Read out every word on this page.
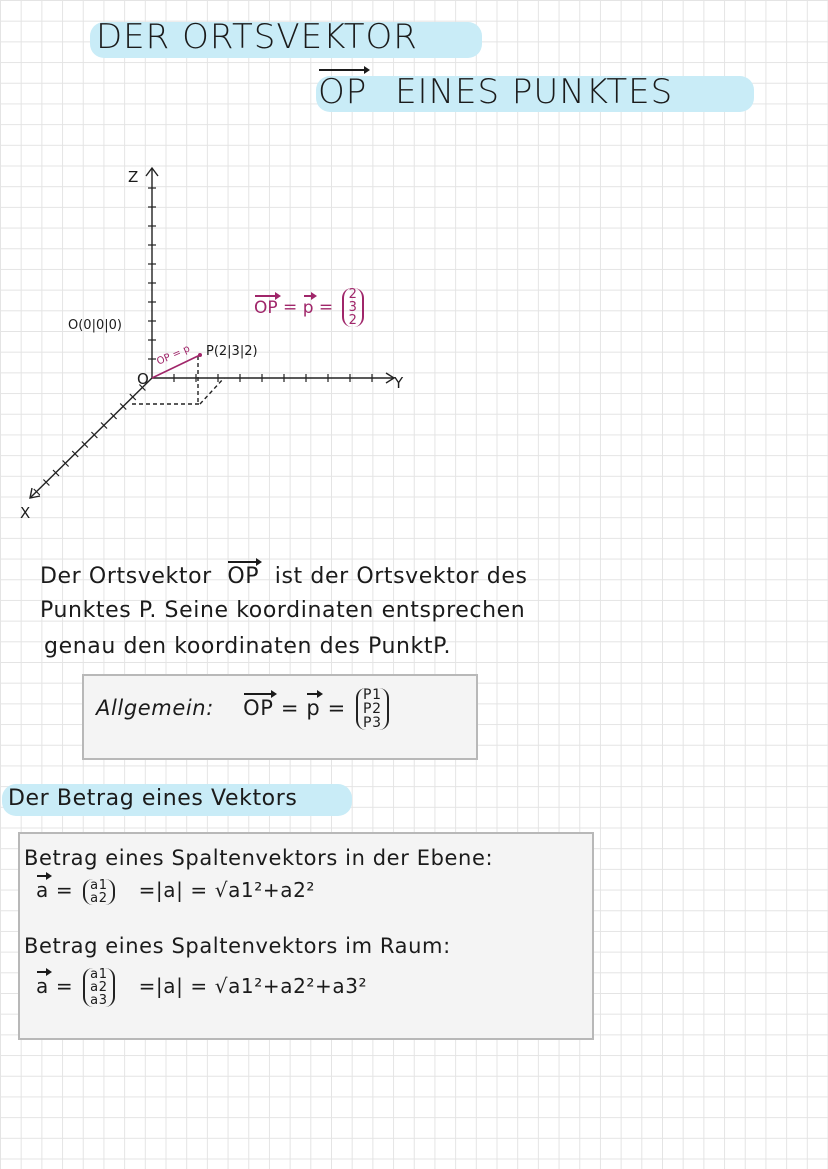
DER ORTSVEKTOR
OP EINES PUNKTES
Z
Y
X
O(0|0|0)
O
P(2|3|2)
OP = p
OP = p =
2
3
2
Der Ortsvektor OP ist der Ortsvektor des
Punktes P. Seine koordinaten entsprechen
genau den koordinaten des PunktP.
Allgemein: OP = p =
P1
P2
P3
Der Betrag eines Vektors
Betrag eines Spaltenvektors in der Ebene:
a = a1
a2 =|a| = √a1²+a2²
Betrag eines Spaltenvektors im Raum:
a = a1
a2
a3
=|a| = √a1²+a2²+a3²
